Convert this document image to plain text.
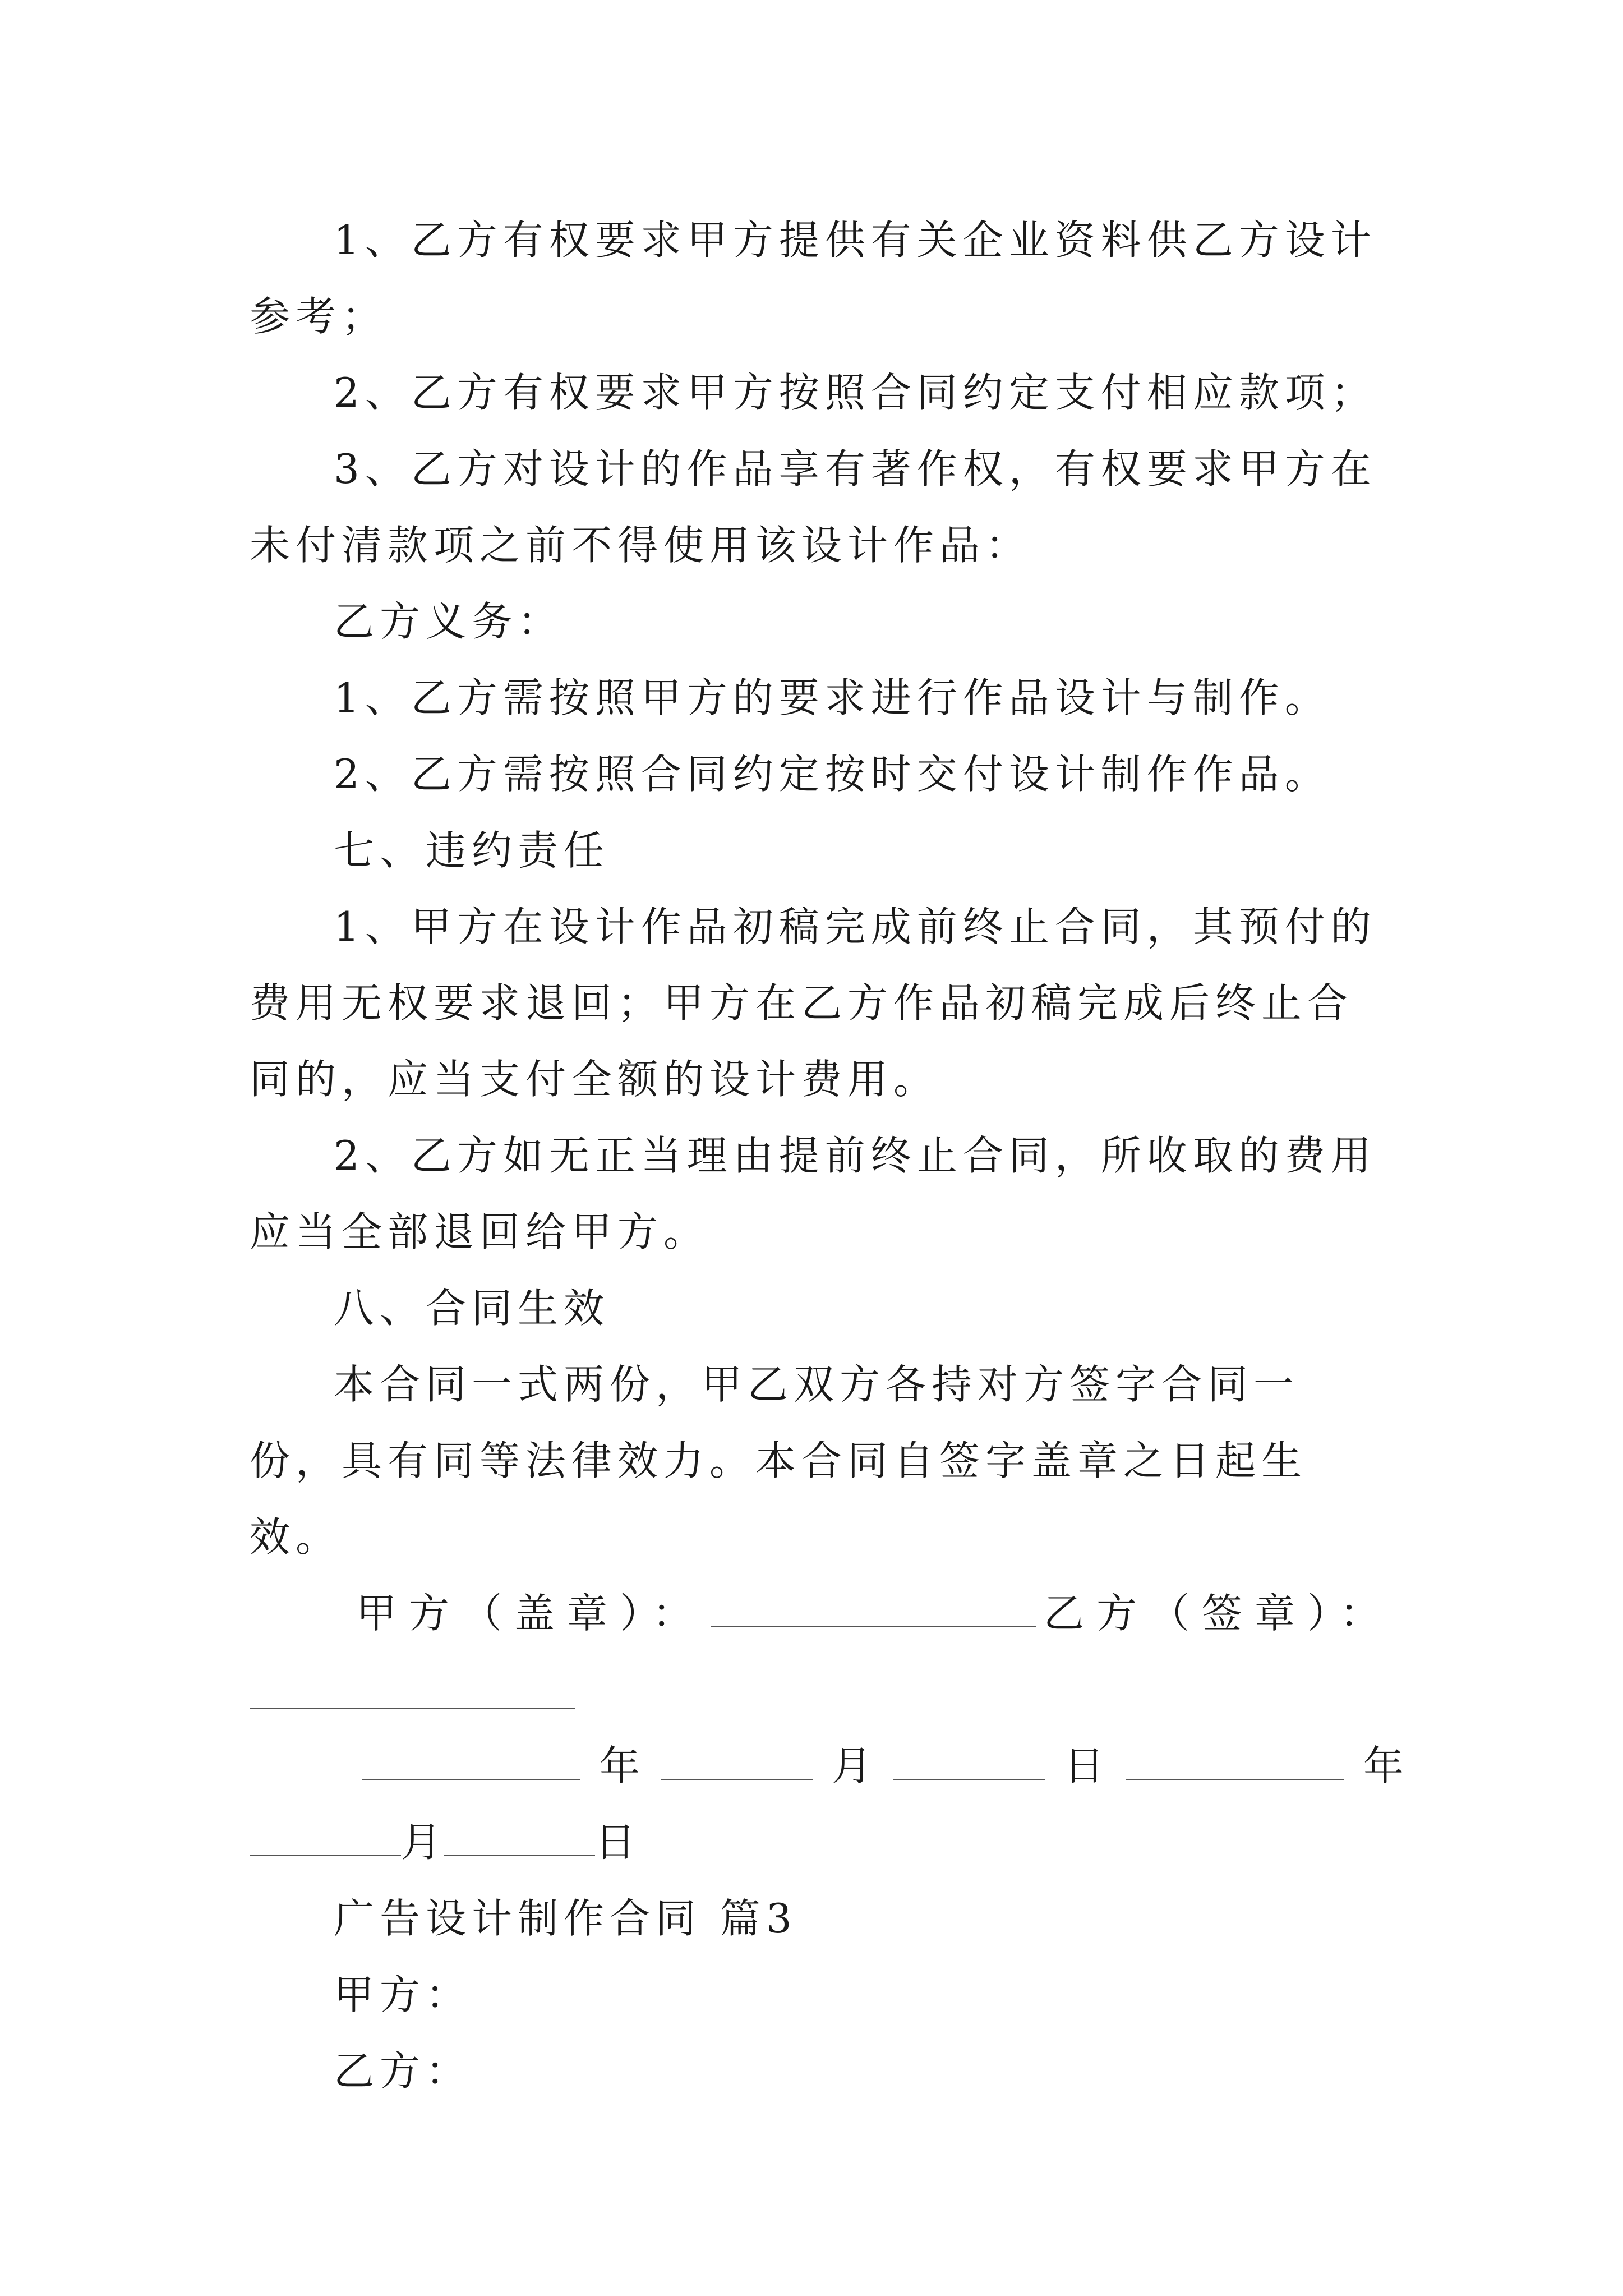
1、乙方有权要求甲方提供有关企业资料供乙方设计参考；

2、乙方有权要求甲方按照合同约定支付相应款项；

3、乙方对设计的作品享有著作权，有权要求甲方在未付清款项之前不得使用该设计作品：

乙方义务：

1、乙方需按照甲方的要求进行作品设计与制作。

2、乙方需按照合同约定按时交付设计制作作品。

七、违约责任

1、甲方在设计作品初稿完成前终止合同，其预付的费用无权要求退回；甲方在乙方作品初稿完成后终止合同的，应当支付全额的设计费用。

2、乙方如无正当理由提前终止合同，所收取的费用应当全部退回给甲方。

八、合同生效

本合同一式两份，甲乙双方各持对方签字合同一份，具有同等法律效力。本合同自签字盖章之日起生效。

甲方（盖章）：	乙方（签章）：

年	月	日	年

月	日

广告设计制作合同 篇3

甲方：

乙方：
